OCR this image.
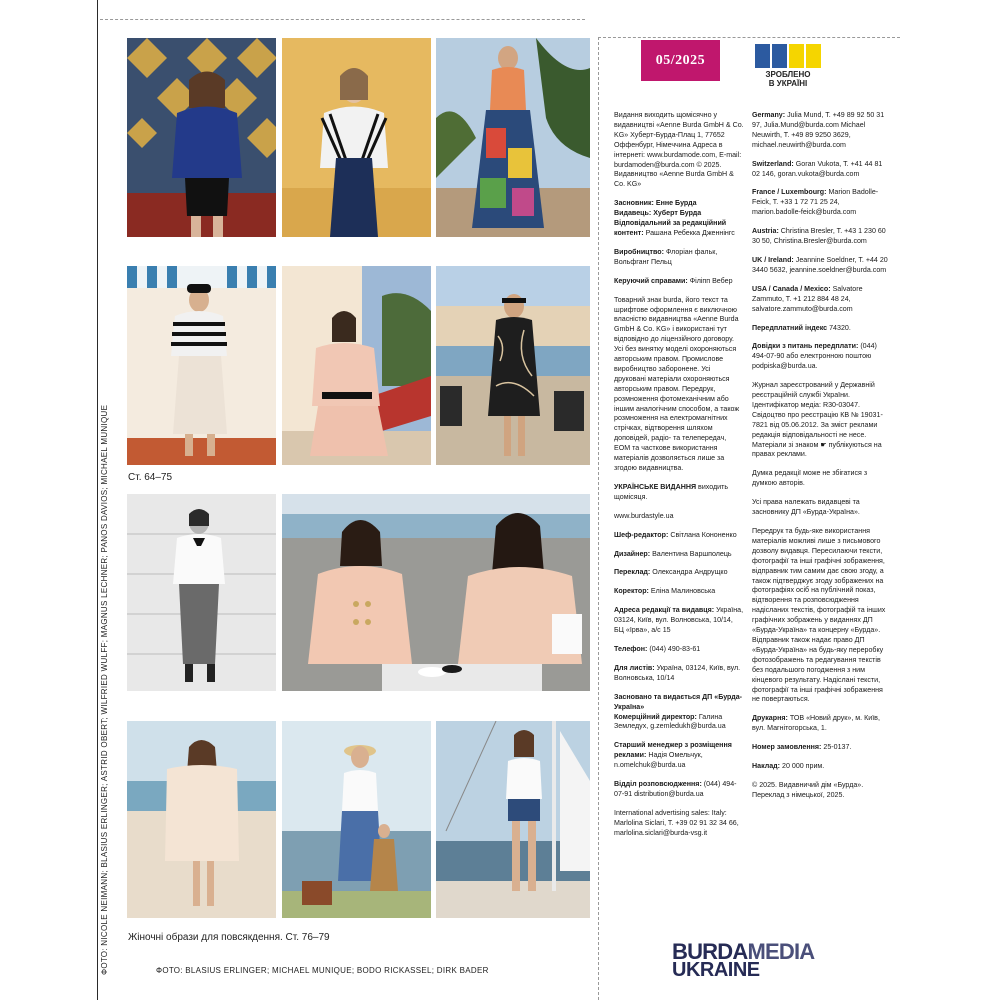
ФОТО: NICOLE NEIMANN; BLASIUS ERLINGER; ASTRID OBERT; WILFRIED WULFF; MAGNUS LECHNER; PANOS DAVIOS; MICHAEL MUNIQUE Ст. 64–75
Жіночні образи для повсякдення. Ст. 76–79
ФОТО: BLASIUS ERLINGER; MICHAEL MUNIQUE; BODO RICKASSEL; DIRK BADER
05/2025
ЗРОБЛЕНО
В УКРАЇНІ

Видання виходить щомісячно у видавництві «Aenne Burda GmbH & Co. KG» Хуберт-Бурда-Плац 1, 77652 Оффенбург, Німеччина Адреса в інтернеті: www.burdamode.com, E-mail: burdamoden@burda.com © 2025. Видавництво «Aenne Burda GmbH & Co. KG»

Засновник: Енне Бурда
Видавець: Хуберт Бурда
Відповідальний за редакційний контент: Рашана Ребекка Дженнінгс

Виробництво: Флоріан фальк, Вольфганг Пельц

Керуючий справами: Філіпп Вебер

Товарний знак burda, його текст та шрифтове оформлення є виключною власністю видавництва «Aenne Burda GmbH & Co. KG» і використані тут відповідно до ліцензійного договору. Усі без винятку моделі охороняються авторським правом. Промислове виробництво заборонене. Усі друковані матеріали охороняються авторським правом. Передрук, розмноження фотомеханічним або іншим аналогічним способом, а також розмноження на електромагнітних стрічках, відтворення шляхом доповідей, радіо- та телепередач, ЕОМ та часткове використання матеріалів дозволяється лише за згодою видавництва.

УКРАЇНСЬКЕ ВИДАННЯ виходить щомісяця.

www.burdastyle.ua

Шеф-редактор: Світлана Кононенко

Дизайнер: Валентина Варшполець

Переклад: Олександра Андрущко

Коректор: Еліна Малиновська

Адреса редакції та видавця: Україна, 03124, Київ, вул. Волновська, 10/14, БЦ «Ірва», а/с 15

Телефон: (044) 490-83-61

Для листів: Україна, 03124, Київ, вул. Волновська, 10/14

Засновано та видається ДП «Бурда-Україна»
Комерційний директор: Галина Земледух, g.zemledukh@burda.ua

Старший менеджер з розміщення реклами: Надія Омельчук, n.omelchuk@burda.ua

Відділ розповсюдження: (044) 494-07-91 distribution@burda.ua

International advertising sales: Italy: Marlolina Siclari, T. +39 02 91 32 34 66, marlolina.siclari@burda-vsg.it

Germany: Julia Mund, T. +49 89 92 50 31 97, Julia.Mund@burda.com Michael Neuwirth, T. +49 89 9250 3629, michael.neuwirth@burda.com

Switzerland: Goran Vukota, T. +41 44 81 02 146, goran.vukota@burda.com

France / Luxembourg: Marion Badolle-Feick, T. +33 1 72 71 25 24, marion.badolle-feick@burda.com

Austria: Christina Bresler, T. +43 1 230 60 30 50, Christina.Bresler@burda.com

UK / Ireland: Jeannine Soeldner, T. +44 20 3440 5632, jeannine.soeldner@burda.com

USA / Canada / Mexico: Salvatore Zammuto, T. +1 212 884 48 24, salvatore.zammuto@burda.com

Передплатний індекс 74320.

Довідки з питань передплати: (044) 494-07-90 або електронною поштою podpiska@burda.ua.

Журнал зареєстрований у Державній реєстраційній службі України. Ідентифікатор медіа: R30-03047. Свідоцтво про реєстрацію КВ № 19031-7821 від 05.06.2012. За зміст реклами редакція відповідальності не несе. Матеріали зі знаком ☛ публікуються на правах реклами.

Думка редакції може не збігатися з думкою авторів.

Усі права належать видавцеві та засновнику ДП «Бурда-Україна».

Передрук та будь-яке використання матеріалів можливі лише з письмового дозволу видавця. Пересилаючи тексти, фотографії та інші графічні зображення, відправник тим самим дає свою згоду, а також підтверджує згоду зображених на фотографіях осіб на публічний показ, відтворення та розповсюдження надісланих текстів, фотографій та інших графічних зображень у виданнях ДП «Бурда-Україна» та концерну «Бурда». Відправник також надає право ДП «Бурда-Україна» на будь-яку переробку фотозображень та редагування текстів без подальшого погодження з ним кінцевого результату. Надіслані тексти, фотографії та інші графічні зображення не повертаються.

Друкарня: ТОВ «Новий друк», м. Київ, вул. Магнітогорська, 1.

Номер замовлення: 25-0137.

Наклад: 20 000 прим.

© 2025. Видавничий дім «Бурда». Переклад з німецької, 2025.

BURDAMEDIA
UKRAINE
